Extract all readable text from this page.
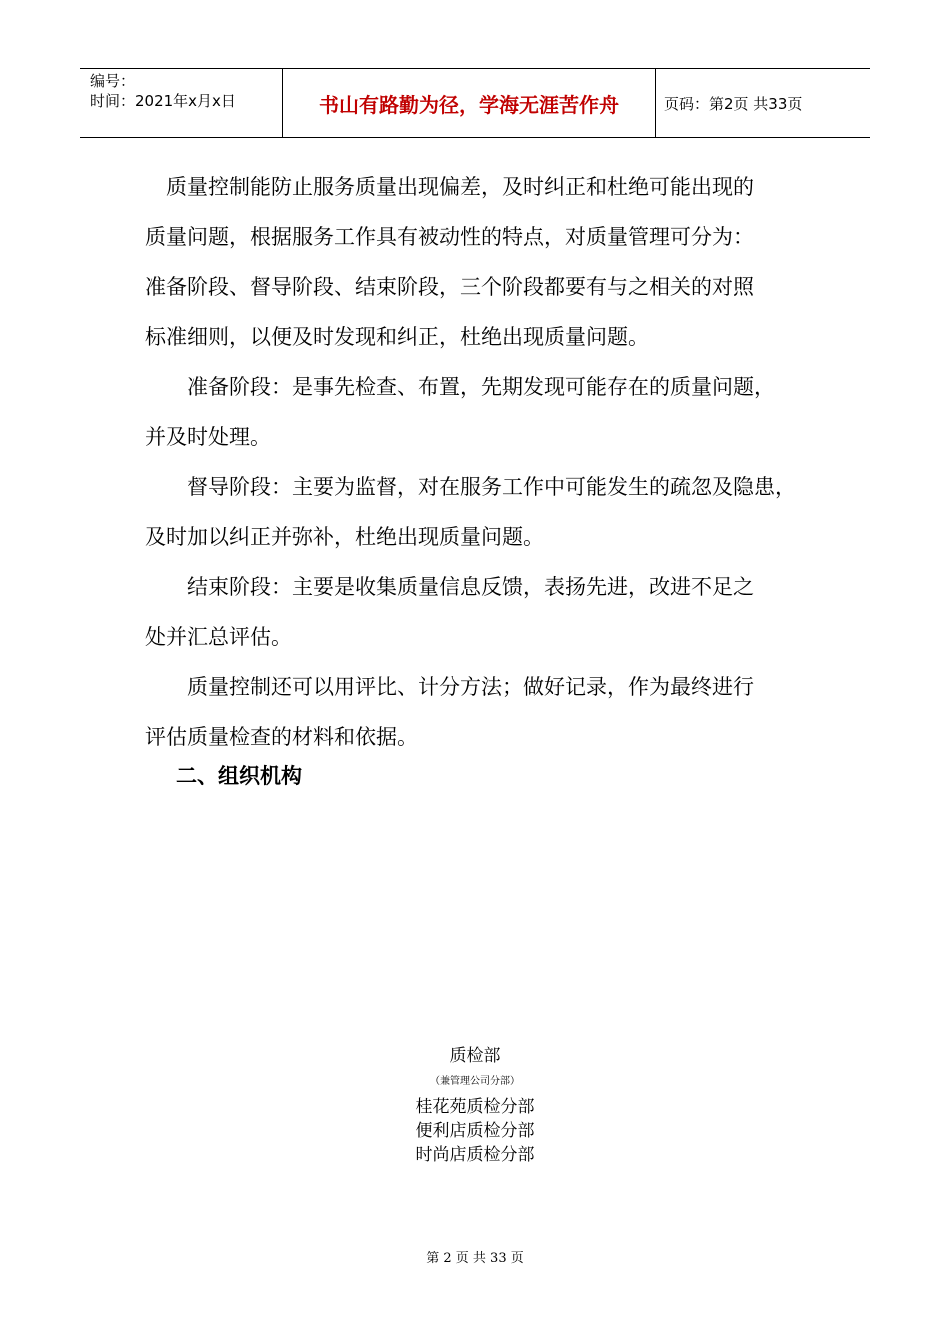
编号：
时间：2021年x月x日	书山有路勤为径，学海无涯苦作舟	页码：第2页 共33页

　质量控制能防止服务质量出现偏差，及时纠正和杜绝可能出现的

质量问题，根据服务工作具有被动性的特点，对质量管理可分为：

准备阶段、督导阶段、结束阶段，三个阶段都要有与之相关的对照

标准细则，以便及时发现和纠正，杜绝出现质量问题。

　　准备阶段：是事先检查、布置，先期发现可能存在的质量问题，

并及时处理。

　　督导阶段：主要为监督，对在服务工作中可能发生的疏忽及隐患，

及时加以纠正并弥补，杜绝出现质量问题。

　　结束阶段：主要是收集质量信息反馈，表扬先进，改进不足之

处并汇总评估。

　　质量控制还可以用评比、计分方法；做好记录，作为最终进行

评估质量检查的材料和依据。

二、组织机构
质检部
（兼管理公司分部）
桂花苑质检分部
便利店质检分部
时尚店质检分部
第 2 页 共 33 页
